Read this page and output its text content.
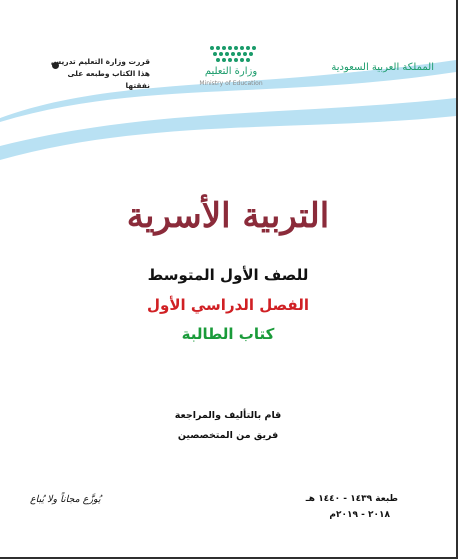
المملكة العربية السعودية
وزارة التعليم
Ministry of Education
قررت وزارة التعليم تدريس
هذا الكتاب وطبعه على نفقتها
التربية الأسرية
للصف الأول المتوسط
الفصل الدراسي الأول
كتاب الطالبة
قام بالتأليف والمراجعة
فريق من المتخصصين
طبعة ١٤٣٩ - ١٤٤٠ هـ
٢٠١٨ - ٢٠١٩م
يُوزَّع مجاناً ولا يُباع
